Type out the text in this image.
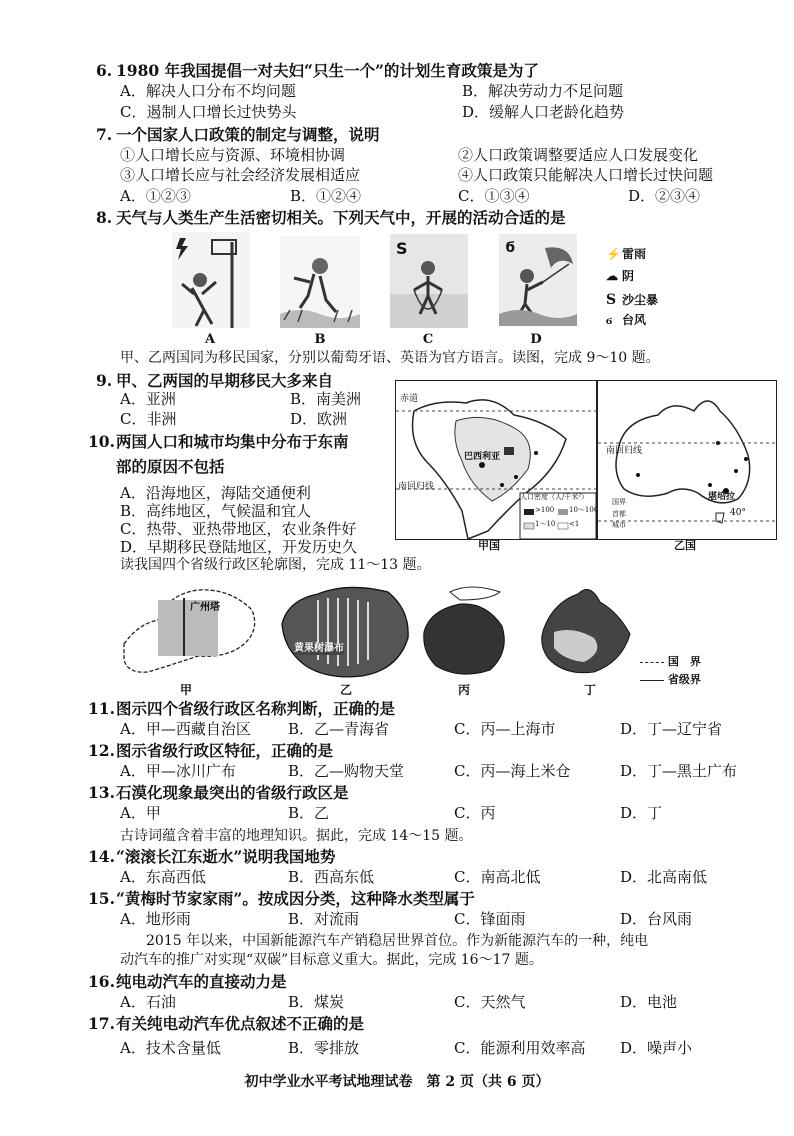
6. 1980 年我国提倡一对夫妇“只生一个”的计划生育政策是为了
A．解决人口分布不均问题	B．解决劳动力不足问题
C．遏制人口增长过快势头	D．缓解人口老龄化趋势
7. 一个国家人口政策的制定与调整，说明
①人口增长应与资源、环境相协调	②人口政策调整要适应人口发展变化
③人口增长应与社会经济发展相适应	④人口政策只能解决人口增长过快问题
A．①②③	B．①②④	C．①③④	D．②③④
8. 天气与人类生产生活密切相关。下列天气中，开展的活动合适的是
S	ϭ
A	B	C	D
⚡雷雨
☁ 阴
S 沙尘暴
ϭ 台风
甲、乙两国同为移民国家，分别以葡萄牙语、英语为官方语言。读图，完成 9～10 题。
9. 甲、乙两国的早期移民大多来自
A．亚洲	B．南美洲
C．非洲	D．欧洲
10. 两国人口和城市均集中分布于东南
部的原因不包括
A．沿海地区，海陆交通便利
B．高纬地区，气候温和宜人
C．热带、亚热带地区，农业条件好
D．早期移民登陆地区，开发历史久
赤道
南回归线
巴西利亚
人口密度（人/千米²）
>100 10～100
1～10 <1
南回归线
堪培拉
40°
国界
首都
城市
甲国	乙国
读我国四个省级行政区轮廓图，完成 11～13 题。
广州塔
黄果树瀑布
国　界
省级界
甲	乙	丙	丁
11. 图示四个省级行政区名称判断，正确的是
A．甲—西藏自治区 B．乙—青海省	C．丙—上海市	D．丁—辽宁省
12. 图示省级行政区特征，正确的是
A．甲—冰川广布	B．乙—购物天堂	C．丙—海上米仓	D．丁—黑土广布
13. 石漠化现象最突出的省级行政区是
A．甲	B．乙	C．丙	D．丁
古诗词蕴含着丰富的地理知识。据此，完成 14～15 题。
14. “滚滚长江东逝水”说明我国地势
A．东高西低	B．西高东低	C．南高北低	D．北高南低
15. “黄梅时节家家雨”。按成因分类，这种降水类型属于
A．地形雨	B．对流雨	C．锋面雨	D．台风雨
2015 年以来，中国新能源汽车产销稳居世界首位。作为新能源汽车的一种，纯电
动汽车的推广对实现“双碳”目标意义重大。据此，完成 16～17 题。
16. 纯电动汽车的直接动力是
A．石油	B．煤炭	C．天然气	D．电池
17. 有关纯电动汽车优点叙述不正确的是
A．技术含量低	B．零排放	C．能源利用效率高 D．噪声小
初中学业水平考试地理试卷　第 2 页（共 6 页）
